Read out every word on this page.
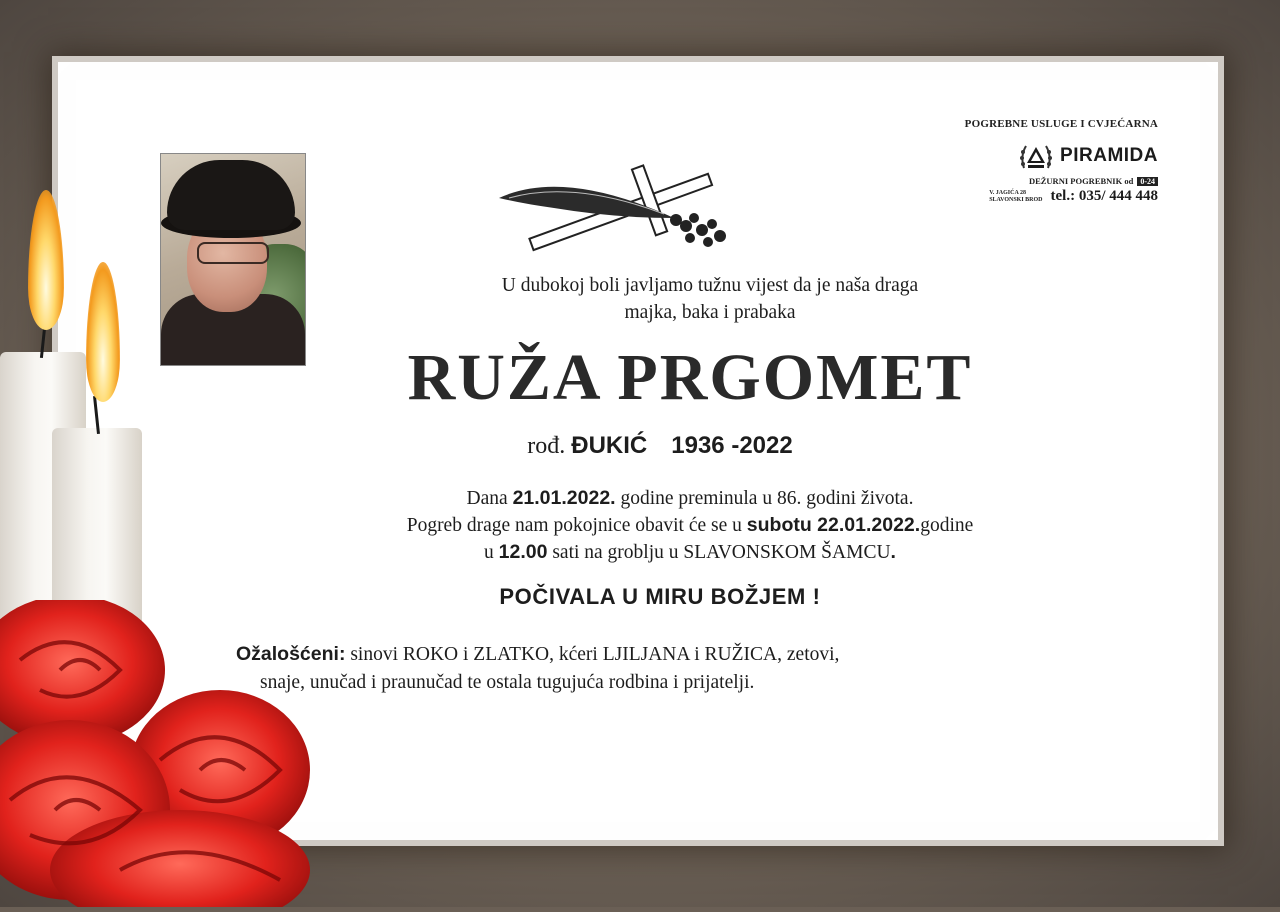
POGREBNE USLUGE I CVJEĆARNA
PIRAMIDA
DEŽURNI POGREBNIK od 0-24
V. JAGIĆA 28
SLAVONSKI BROD tel.: 035/ 444 448
U dubokoj boli javljamo tužnu vijest da je naša draga
majka, baka i prabaka
RUŽA PRGOMET
rođ. ĐUKIĆ 1936 -2022
Dana 21.01.2022. godine preminula u 86. godini života.
Pogreb drage nam pokojnice obavit će se u subotu 22.01.2022.godine
u 12.00 sati na groblju u SLAVONSKOM ŠAMCU.
POČIVALA U MIRU BOŽJEM !
Ožalošćeni: sinovi ROKO i ZLATKO, kćeri LJILJANA i RUŽICA, zetovi,
snaje, unučad i praunučad te ostala tugujuća rodbina i prijatelji.
